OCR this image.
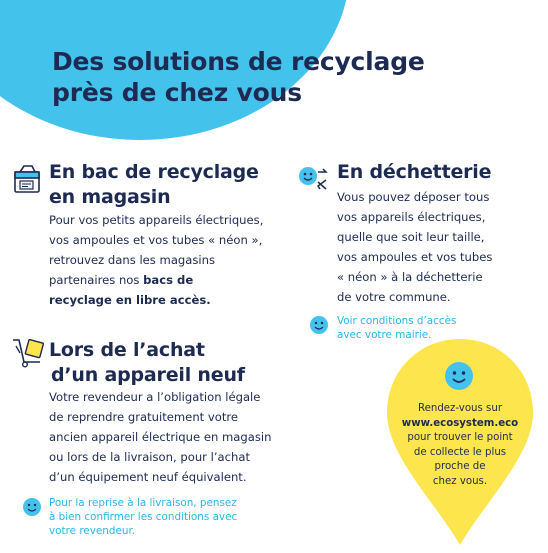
Des solutions de recyclage
près de chez vous
En bac de recyclage
en magasin
Pour vos petits appareils électriques,
vos ampoules et vos tubes « néon »,
retrouvez dans les magasins
partenaires nos bacs de
recyclage en libre accès.
En déchetterie
Vous pouvez déposer tous
vos appareils électriques,
quelle que soit leur taille,
vos ampoules et vos tubes
« néon » à la déchetterie
de votre commune.
Voir conditions d’accès
avec votre mairie.
Lors de l’achat
d’un appareil neuf
Votre revendeur a l’obligation légale
de reprendre gratuitement votre
ancien appareil électrique en magasin
ou lors de la livraison, pour l’achat
d’un équipement neuf équivalent.
Pour la reprise à la livraison, pensez
à bien confirmer les conditions avec
votre revendeur.
Rendez-vous sur
www.ecosystem.eco
pour trouver le point
de collecte le plus
proche de
chez vous.
